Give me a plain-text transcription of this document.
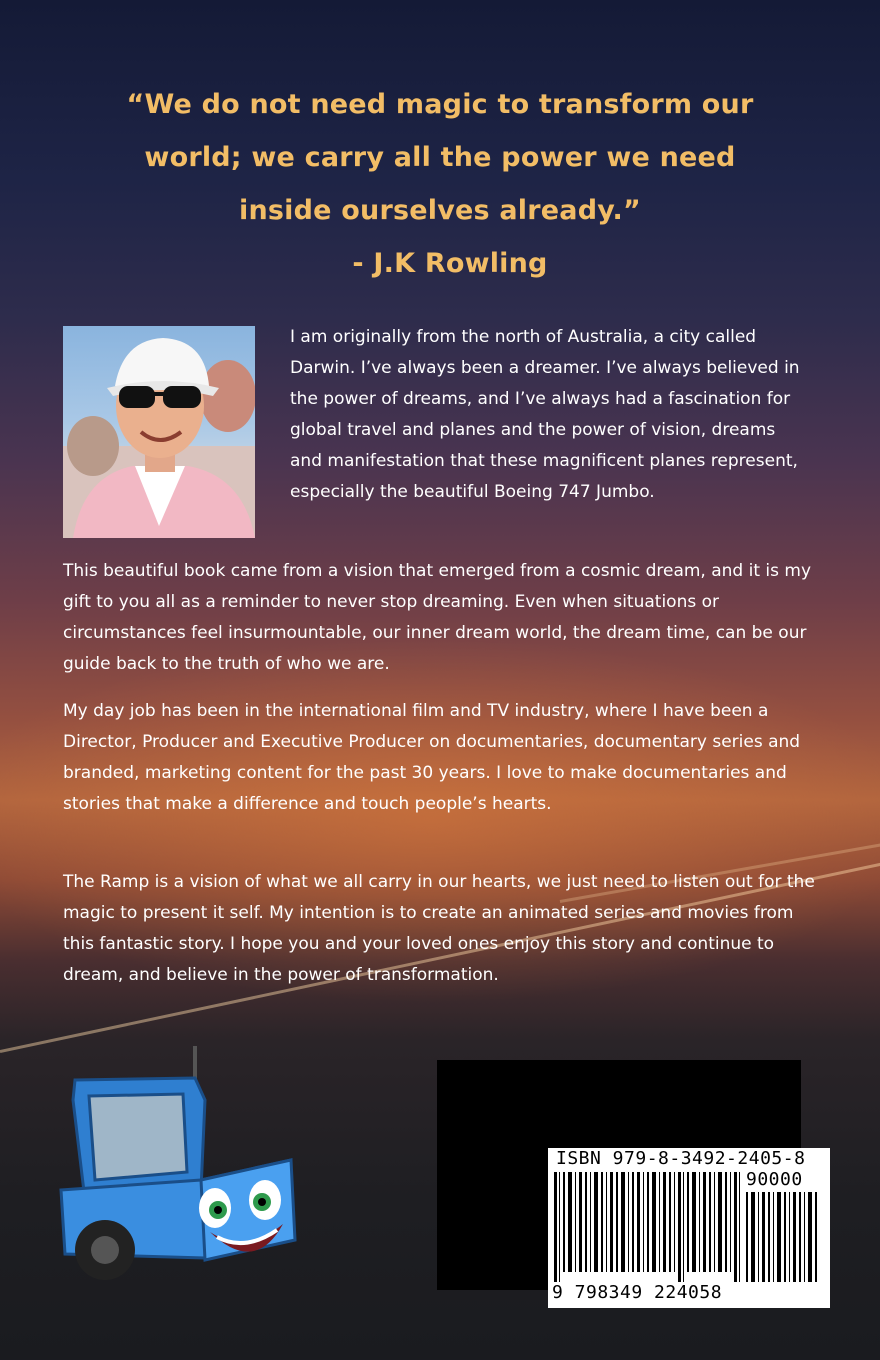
“We do not need magic to transform our
world; we carry all the power we need
inside ourselves already.”
- J.K Rowling
I am originally from the north of Australia, a city called Darwin. I’ve always been a dreamer. I’ve always believed in the power of dreams, and I’ve always had a fascination for global travel and planes and the power of vision, dreams and manifestation that these magnificent planes represent, especially the beautiful Boeing 747 Jumbo.
This beautiful book came from a vision that emerged from a cosmic dream, and it is my gift to you all as a reminder to never stop dreaming. Even when situations or circumstances feel insurmountable, our inner dream world, the dream time, can be our guide back to the truth of who we are.
My day job has been in the international film and TV industry, where I have been a Director, Producer and Executive Producer on documentaries, documentary series and branded, marketing content for the past 30 years. I love to make documentaries and stories that make a difference and touch people’s hearts.
The Ramp is a vision of what we all carry in our hearts, we just need to listen out for the magic to present it self. My intention is to create an animated series and movies from this fantastic story. I hope you and your loved ones enjoy this story and continue to dream, and believe in the power of transformation.
ISBN 979-8-3492-2405-8
90000
9 798349 224058
